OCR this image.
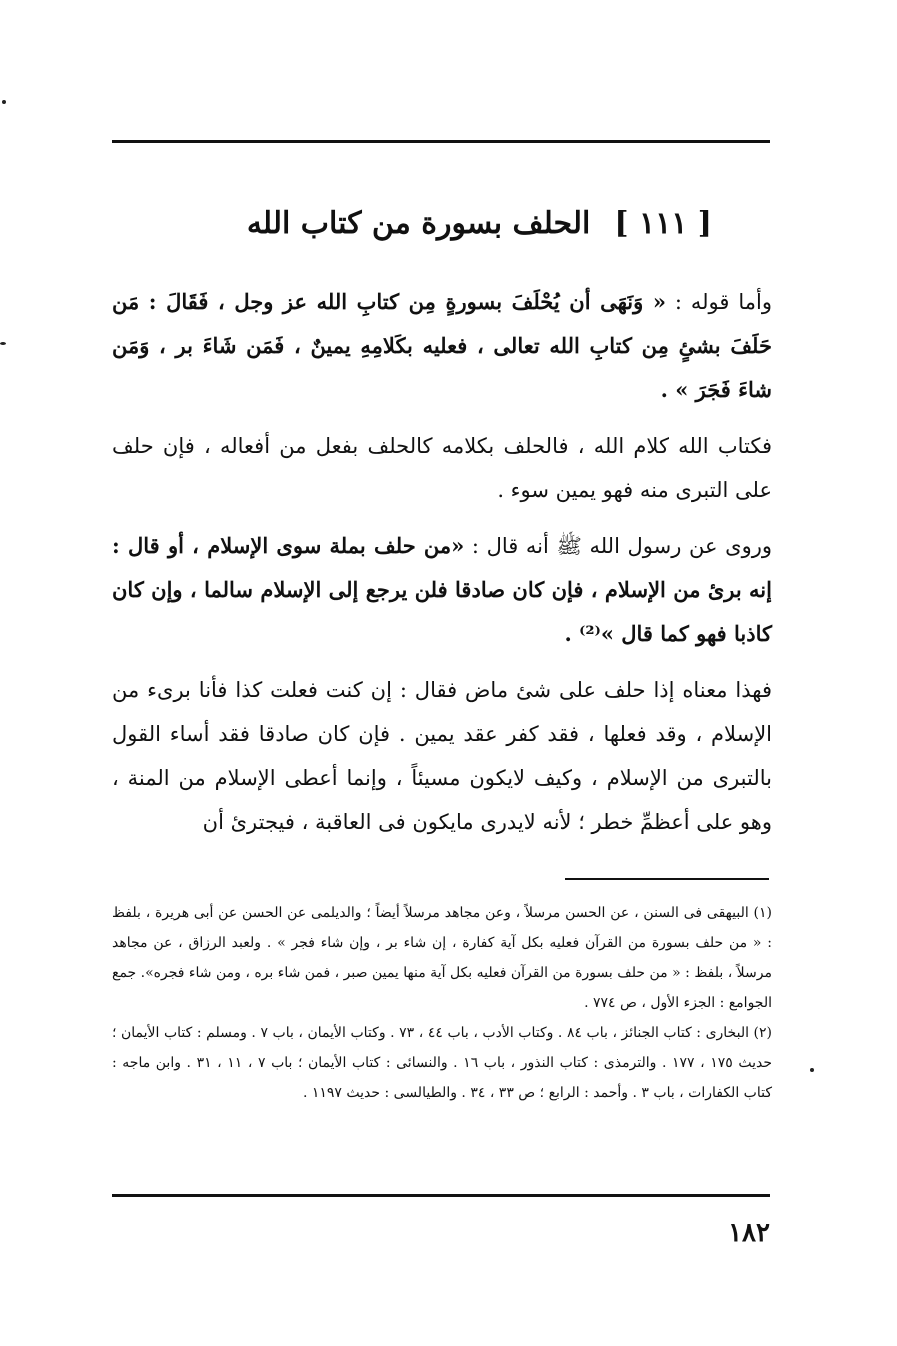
[ ١١١ ]الحلف بسورة من كتاب الله

وأما قوله : « وَنَهَى أن يُحْلَفَ بسورةٍ مِن كتابِ الله عز وجل ، فَقَالَ : مَن حَلَفَ بشئٍ مِن كتابِ الله تعالى ، فعليه بكَلامِهِ يمينٌ ، فَمَن شَاءَ بر ، وَمَن شاءَ فَجَرَ » .

فكتاب الله كلام الله ، فالحلف بكلامه كالحلف بفعل من أفعاله ، فإن حلف على التبرى منه فهو يمين سوء .

وروى عن رسول الله ﷺ أنه قال : «من حلف بملة سوى الإسلام ، أو قال : إنه برئ من الإسلام ، فإن كان صادقا فلن يرجع إلى الإسلام سالما ، وإن كان كاذبا فهو كما قال »⁽²⁾ .

فهذا معناه إذا حلف على شئ ماض فقال : إن كنت فعلت كذا فأنا برىء من الإسلام ، وقد فعلها ، فقد كفر عقد يمين . فإن كان صادقا فقد أساء القول بالتبرى من الإسلام ، وكيف لايكون مسيئاً ، وإنما أعطى الإسلام من المنة ، وهو على أعظمِّ خطر ؛ لأنه لايدرى مايكون فى العاقبة ، فيجترئ أن

(١) البيهقى فى السنن ، عن الحسن مرسلاً ، وعن مجاهد مرسلاً أيضاً ؛ والديلمى عن الحسن عن أبى هريرة ، بلفظ : « من حلف بسورة من القرآن فعليه بكل آية كفارة ، إن شاء بر ، وإن شاء فجر » . ولعبد الرزاق ، عن مجاهد مرسلاً ، بلفظ : « من حلف بسورة من القرآن فعليه بكل آية منها يمين صبر ، فمن شاء بره ، ومن شاء فجره». جمع الجوامع : الجزء الأول ، ص ٧٧٤ .

(٢) البخارى : كتاب الجنائز ، باب ٨٤ . وكتاب الأدب ، باب ٤٤ ، ٧٣ . وكتاب الأيمان ، باب ٧ . ومسلم : كتاب الأيمان ؛ حديث ١٧٥ ، ١٧٧ . والترمذى : كتاب النذور ، باب ١٦ . والنسائى : كتاب الأيمان ؛ باب ٧ ، ١١ ، ٣١ . وابن ماجه : كتاب الكفارات ، باب ٣ . وأحمد : الرابع ؛ ص ٣٣ ، ٣٤ . والطيالسى : حديث ١١٩٧ .

١٨٢
